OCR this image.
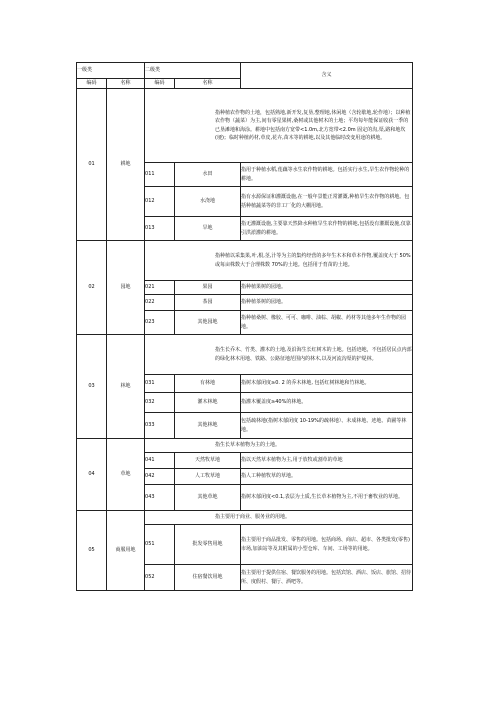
一级类		二级类		含义
编码	名称	编码	名称	
01	耕地	指种植农作物的土地，包括熟地,新开发,复垦,整理地,休闲地（含轮歇地,轮作地）；以种植农作物（蔬菜）为主,间有零星果树,桑树或其他树木的土地；平均每年能保证收获一季的已垦滩地和海涂。耕地中包括南方宽带<1.0m,北方宽带<2.0m 固定的沟,渠,路和地坎(埂)；临时种植药材,草皮,花卉,苗木等的耕地,以及其他临时改变用途的耕地。		
		011	水田	指用于种植水稻,莲藕等水生农作物的耕地。包括实行水生,旱生农作物轮种的耕地。
		012	水浇地	指有水源保证和灌溉设施,在一般年景能正常灌溉,种植旱生农作物的耕地。包括种植蔬菜等的非工厂化的大棚用地。
		013	旱地	指无灌溉设施,主要靠天然降水种植旱生农作物的耕地,包括没有灌溉设施,仅靠引洪淤灌的耕地。
02	园地	指种植以采集果,叶,根,茎,汁等为主的集约经营的多年生木本和草本作物,覆盖度大于 50%或每亩株数大于合理株数 70%的土地。包括用于育苗的土地。		
		021	果园	指种植果树的园地。
		022	茶园	指种植茶树的园地。
		023	其他园地	指种植桑树、橡胶、可可、咖啡、油棕、胡椒、药材等其他多年生作物的园地。
03	林地	指生长乔木、竹类、灌木的土地,及沿海生长红树木的土地。包括迹地，不包括居民点内部的绿化林木用地、铁路、公路征地范围内的林木,以及河流沟渠的护堤林。		
		031	有林地	指树木郁闭度≥0. 2 的乔木林地, 包括红树林地和竹林地。
		032	灌木林地	指灌木覆盖度≥40%的林地。
		033	其他林地	包括疏林地(指树木郁闭度 10-19%的疏林地）、未成林地、迹地、苗圃等林地。
04	草地	指生长草本植物为主的土地。		
		041	天然牧草地	指以天然草本植物为主,用于放牧或割草的草地
		042	人工牧草地	指人工种植牧草的草地。
		043	其他草地	指树木郁闭度<0.1,表层为土质,生长草本植物为主,不用于畜牧业的草地。
05	商服用地	指主要用于商业、服务业的用地。		
		051	批发零售用地	指主要用于商品批发、零售的用地。包括商场、商店、超市、各类批发(零售)市场,加油站等及其附属的小型仓库、车间、工场等的用地。
		052	住宿餐饮用地	指主要用于提供住宿、餐饮服务的用地。包括宾馆、酒店、饭店、旅馆、招待所、度假村、餐厅、酒吧等。
